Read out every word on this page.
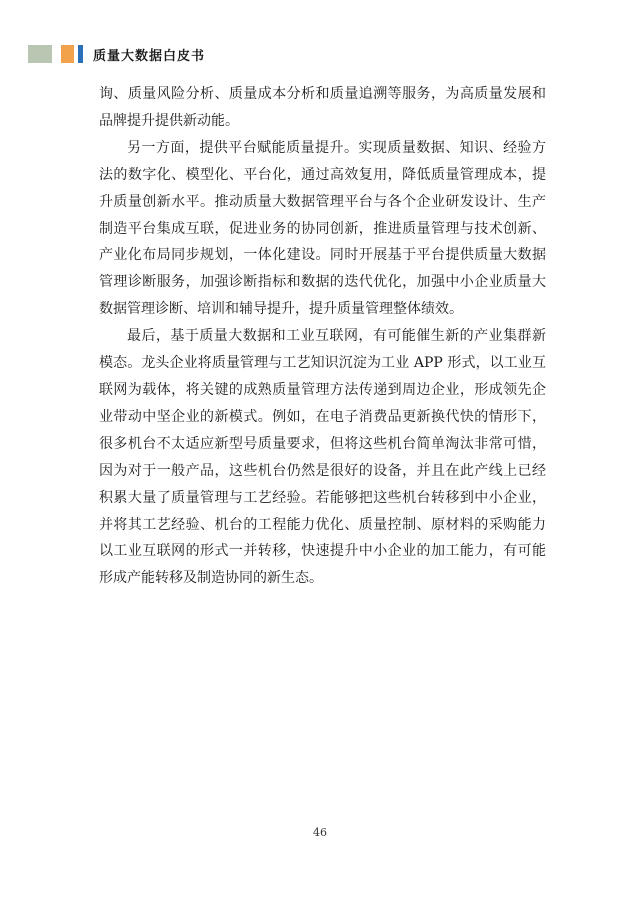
质量大数据白皮书

询、质量风险分析、质量成本分析和质量追溯等服务，为高质量发展和品牌提升提供新动能。

另一方面，提供平台赋能质量提升。实现质量数据、知识、经验方法的数字化、模型化、平台化，通过高效复用，降低质量管理成本，提升质量创新水平。推动质量大数据管理平台与各个企业研发设计、生产制造平台集成互联，促进业务的协同创新，推进质量管理与技术创新、产业化布局同步规划，一体化建设。同时开展基于平台提供质量大数据管理诊断服务，加强诊断指标和数据的迭代优化，加强中小企业质量大数据管理诊断、培训和辅导提升，提升质量管理整体绩效。

最后，基于质量大数据和工业互联网，有可能催生新的产业集群新模态。龙头企业将质量管理与工艺知识沉淀为工业 APP 形式，以工业互联网为载体，将关键的成熟质量管理方法传递到周边企业，形成领先企业带动中坚企业的新模式。例如，在电子消费品更新换代快的情形下，很多机台不太适应新型号质量要求，但将这些机台简单淘汰非常可惜，因为对于一般产品，这些机台仍然是很好的设备，并且在此产线上已经积累大量了质量管理与工艺经验。若能够把这些机台转移到中小企业，并将其工艺经验、机台的工程能力优化、质量控制、原材料的采购能力以工业互联网的形式一并转移，快速提升中小企业的加工能力，有可能形成产能转移及制造协同的新生态。

46
